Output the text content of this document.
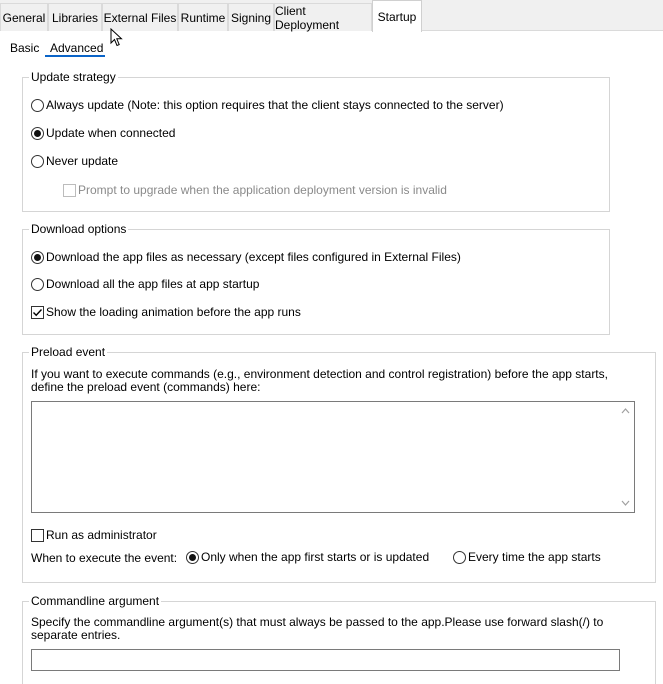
General Libraries External Files Runtime Signing Client Deployment
Startup
Basic Advanced
Update strategy
Always update (Note: this option requires that the client stays connected to the server)
Update when connected
Never update
Prompt to upgrade when the application deployment version is invalid
Download options
Download the app files as necessary (except files configured in External Files)
Download all the app files at app startup
Show the loading animation before the app runs
Preload event
If you want to execute commands (e.g., environment detection and control registration) before the app starts, define the preload event (commands) here:
Run as administrator
When to execute the event: Only when the app first starts or is updated	Every time the app starts
Commandline argument
Specify the commandline argument(s) that must always be passed to the app.Please use forward slash(/) to separate entries.
